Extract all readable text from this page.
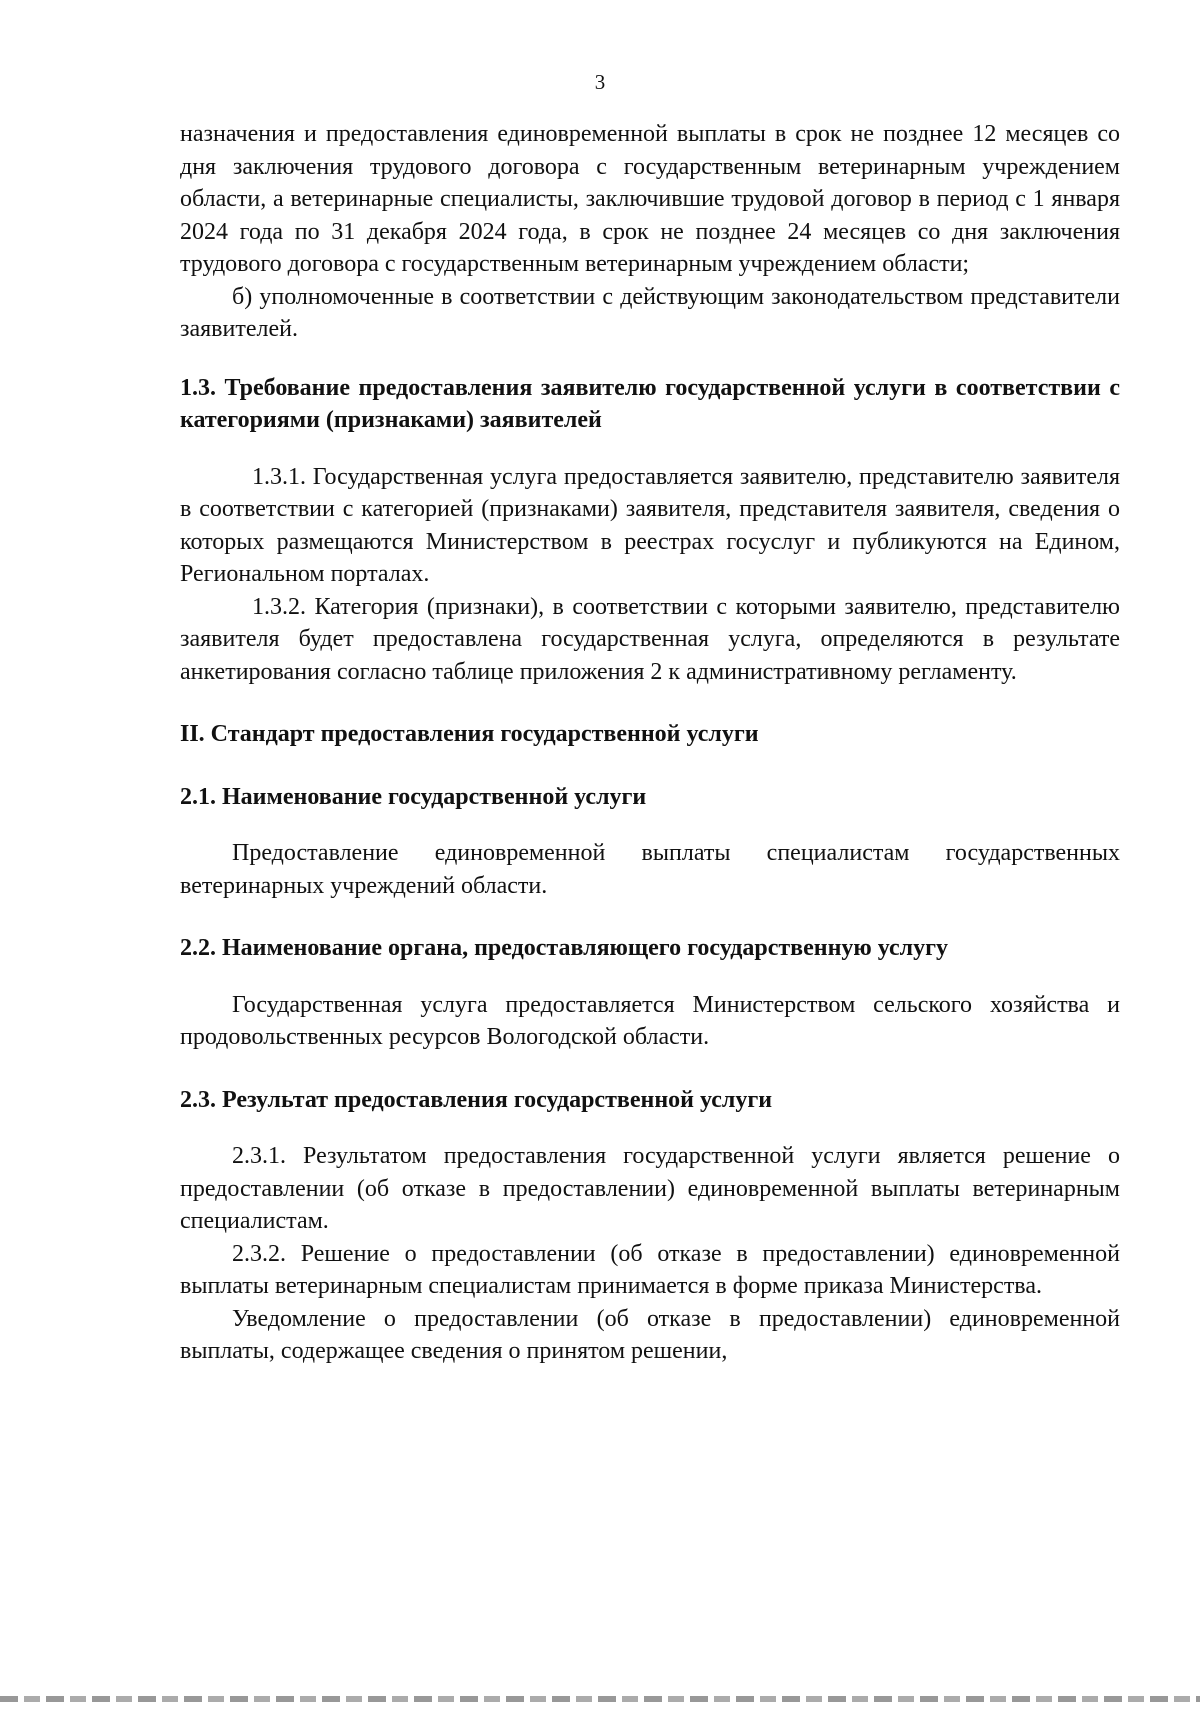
3

назначения и предоставления единовременной выплаты в срок не позднее 12 месяцев со дня заключения трудового договора с государственным ветеринарным учреждением области, а ветеринарные специалисты, заключившие трудовой договор в период с 1 января 2024 года по 31 декабря 2024 года, в срок не позднее 24 месяцев со дня заключения трудового договора с государственным ветеринарным учреждением области;

б) уполномоченные в соответствии с действующим законодательством представители заявителей.

1.3. Требование предоставления заявителю государственной услуги в соответствии с категориями (признаками) заявителей

1.3.1. Государственная услуга предоставляется заявителю, представителю заявителя в соответствии с категорией (признаками) заявителя, представителя заявителя, сведения о которых размещаются Министерством в реестрах госуслуг и публикуются на Едином, Региональном порталах.

1.3.2. Категория (признаки), в соответствии с которыми заявителю, представителю заявителя будет предоставлена государственная услуга, определяются в результате анкетирования согласно таблице приложения 2 к административному регламенту.

II. Стандарт предоставления государственной услуги

2.1. Наименование государственной услуги

Предоставление единовременной выплаты специалистам государственных ветеринарных учреждений области.

2.2. Наименование органа, предоставляющего государственную услугу

Государственная услуга предоставляется Министерством сельского хозяйства и продовольственных ресурсов Вологодской области.

2.3. Результат предоставления государственной услуги

2.3.1. Результатом предоставления государственной услуги является решение о предоставлении (об отказе в предоставлении) единовременной выплаты ветеринарным специалистам.

2.3.2. Решение о предоставлении (об отказе в предоставлении) единовременной выплаты ветеринарным специалистам принимается в форме приказа Министерства.

Уведомление о предоставлении (об отказе в предоставлении) единовременной выплаты, содержащее сведения о принятом решении,
